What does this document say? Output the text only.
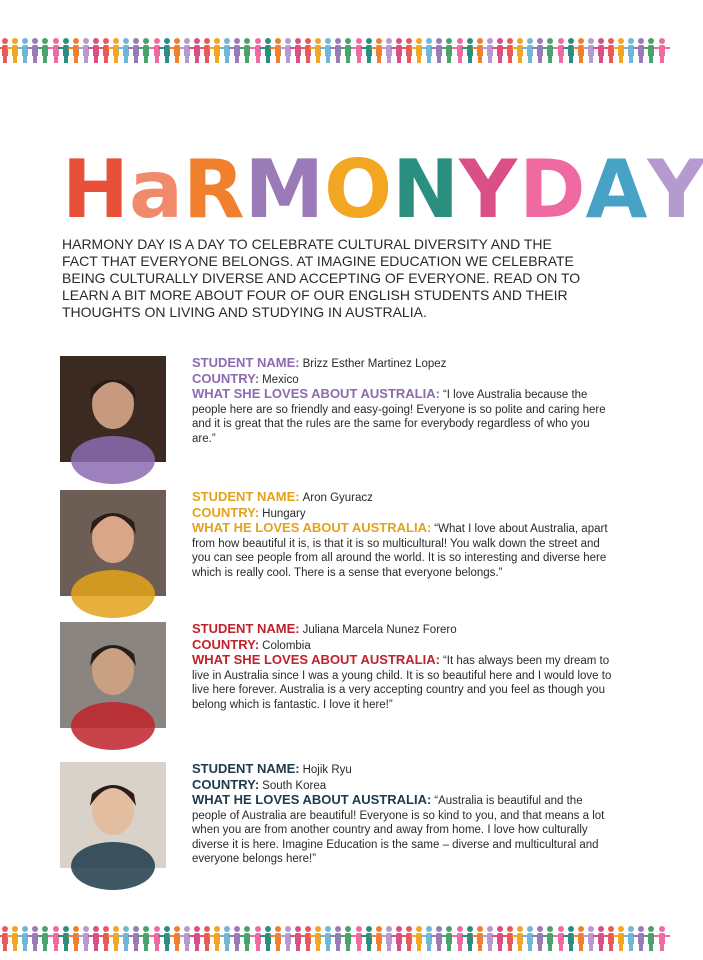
H a R M O N Y D A Y
HARMONY DAY IS A DAY TO CELEBRATE CULTURAL DIVERSITY AND THE FACT THAT EVERYONE BELONGS. AT IMAGINE EDUCATION WE CELEBRATE BEING CULTURALLY DIVERSE AND ACCEPTING OF EVERYONE. READ ON TO LEARN A BIT MORE ABOUT FOUR OF OUR ENGLISH STUDENTS AND THEIR THOUGHTS ON LIVING AND STUDYING IN AUSTRALIA.
STUDENT NAME: Brizz Esther Martinez Lopez
COUNTRY: Mexico
WHAT SHE LOVES ABOUT AUSTRALIA: “I love Australia because the people here are so friendly and easy-going! Everyone is so polite and caring here and it is great that the rules are the same for everybody regardless of who you are.”
STUDENT NAME: Aron Gyuracz
COUNTRY: Hungary
WHAT HE LOVES ABOUT AUSTRALIA: “What I love about Australia, apart from how beautiful it is, is that it is so multicultural! You walk down the street and you can see people from all around the world. It is so interesting and diverse here which is really cool. There is a sense that everyone belongs.”
STUDENT NAME: Juliana Marcela Nunez Forero
COUNTRY: Colombia
WHAT SHE LOVES ABOUT AUSTRALIA: “It has always been my dream to live in Australia since I was a young child. It is so beautiful here and I would love to live here forever. Australia is a very accepting country and you feel as though you belong which is fantastic. I love it here!”
STUDENT NAME: Hojik Ryu
COUNTRY: South Korea
WHAT HE LOVES ABOUT AUSTRALIA: “Australia is beautiful and the people of Australia are beautiful! Everyone is so kind to you, and that means a lot when you are from another country and away from home. I love how culturally diverse it is here. Imagine Education is the same – diverse and multicultural and everyone belongs here!”
